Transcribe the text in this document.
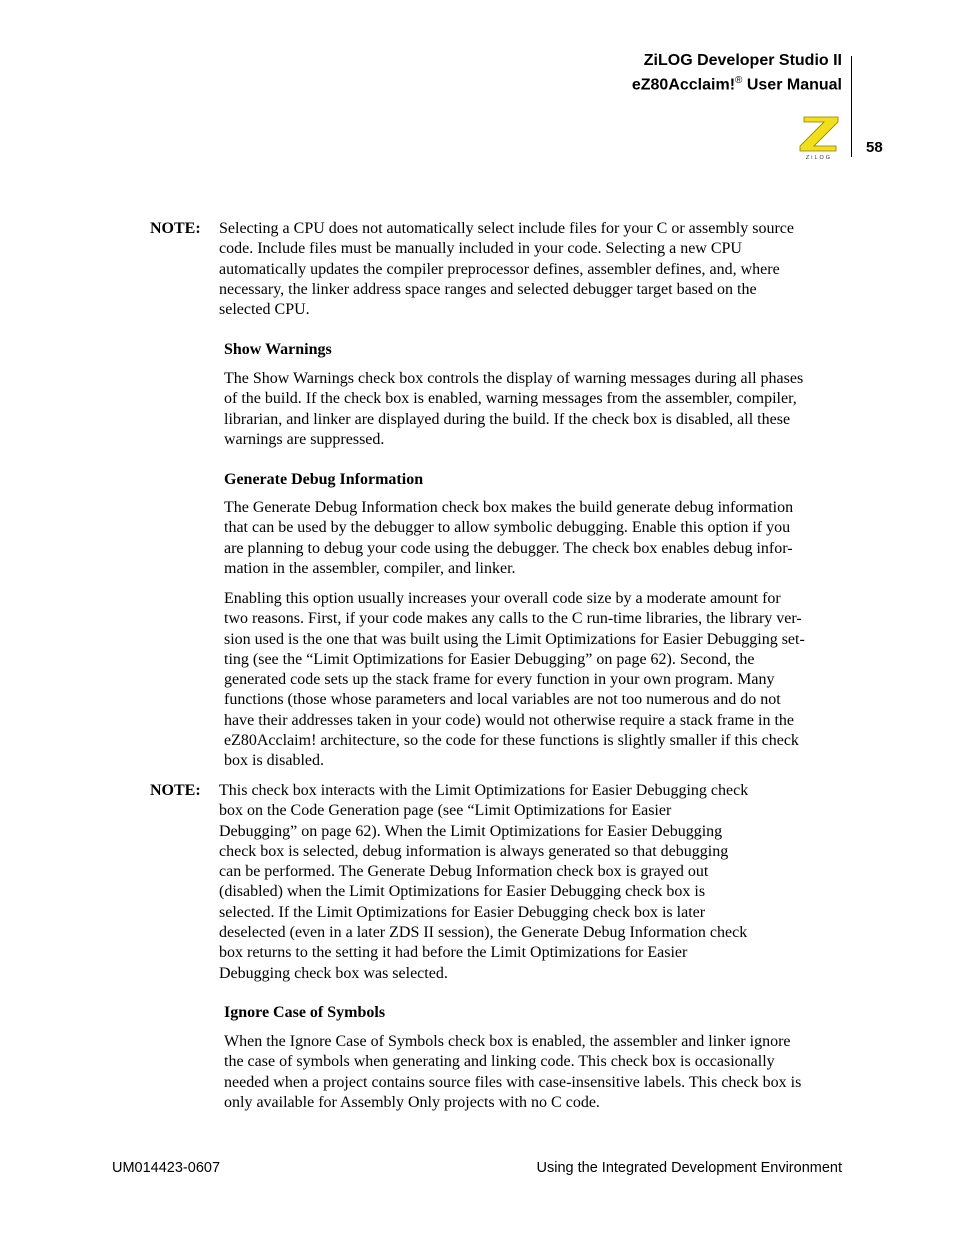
ZiLOG Developer Studio II
eZ80Acclaim!® User Manual
58
ZiLOG
NOTE: Selecting a CPU does not automatically select include files for your C or assembly source
code. Include files must be manually included in your code. Selecting a new CPU
automatically updates the compiler preprocessor defines, assembler defines, and, where
necessary, the linker address space ranges and selected debugger target based on the
selected CPU.
Show Warnings
The Show Warnings check box controls the display of warning messages during all phases
of the build. If the check box is enabled, warning messages from the assembler, compiler,
librarian, and linker are displayed during the build. If the check box is disabled, all these
warnings are suppressed.
Generate Debug Information
The Generate Debug Information check box makes the build generate debug information
that can be used by the debugger to allow symbolic debugging. Enable this option if you
are planning to debug your code using the debugger. The check box enables debug infor-
mation in the assembler, compiler, and linker.
Enabling this option usually increases your overall code size by a moderate amount for
two reasons. First, if your code makes any calls to the C run-time libraries, the library ver-
sion used is the one that was built using the Limit Optimizations for Easier Debugging set-
ting (see the “Limit Optimizations for Easier Debugging” on page 62). Second, the
generated code sets up the stack frame for every function in your own program. Many
functions (those whose parameters and local variables are not too numerous and do not
have their addresses taken in your code) would not otherwise require a stack frame in the
eZ80Acclaim! architecture, so the code for these functions is slightly smaller if this check
box is disabled.
NOTE: This check box interacts with the Limit Optimizations for Easier Debugging check
box on the Code Generation page (see “Limit Optimizations for Easier
Debugging” on page 62). When the Limit Optimizations for Easier Debugging
check box is selected, debug information is always generated so that debugging
can be performed. The Generate Debug Information check box is grayed out
(disabled) when the Limit Optimizations for Easier Debugging check box is
selected. If the Limit Optimizations for Easier Debugging check box is later
deselected (even in a later ZDS II session), the Generate Debug Information check
box returns to the setting it had before the Limit Optimizations for Easier
Debugging check box was selected.
Ignore Case of Symbols
When the Ignore Case of Symbols check box is enabled, the assembler and linker ignore
the case of symbols when generating and linking code. This check box is occasionally
needed when a project contains source files with case-insensitive labels. This check box is
only available for Assembly Only projects with no C code.
UM014423-0607	Using the Integrated Development Environment
